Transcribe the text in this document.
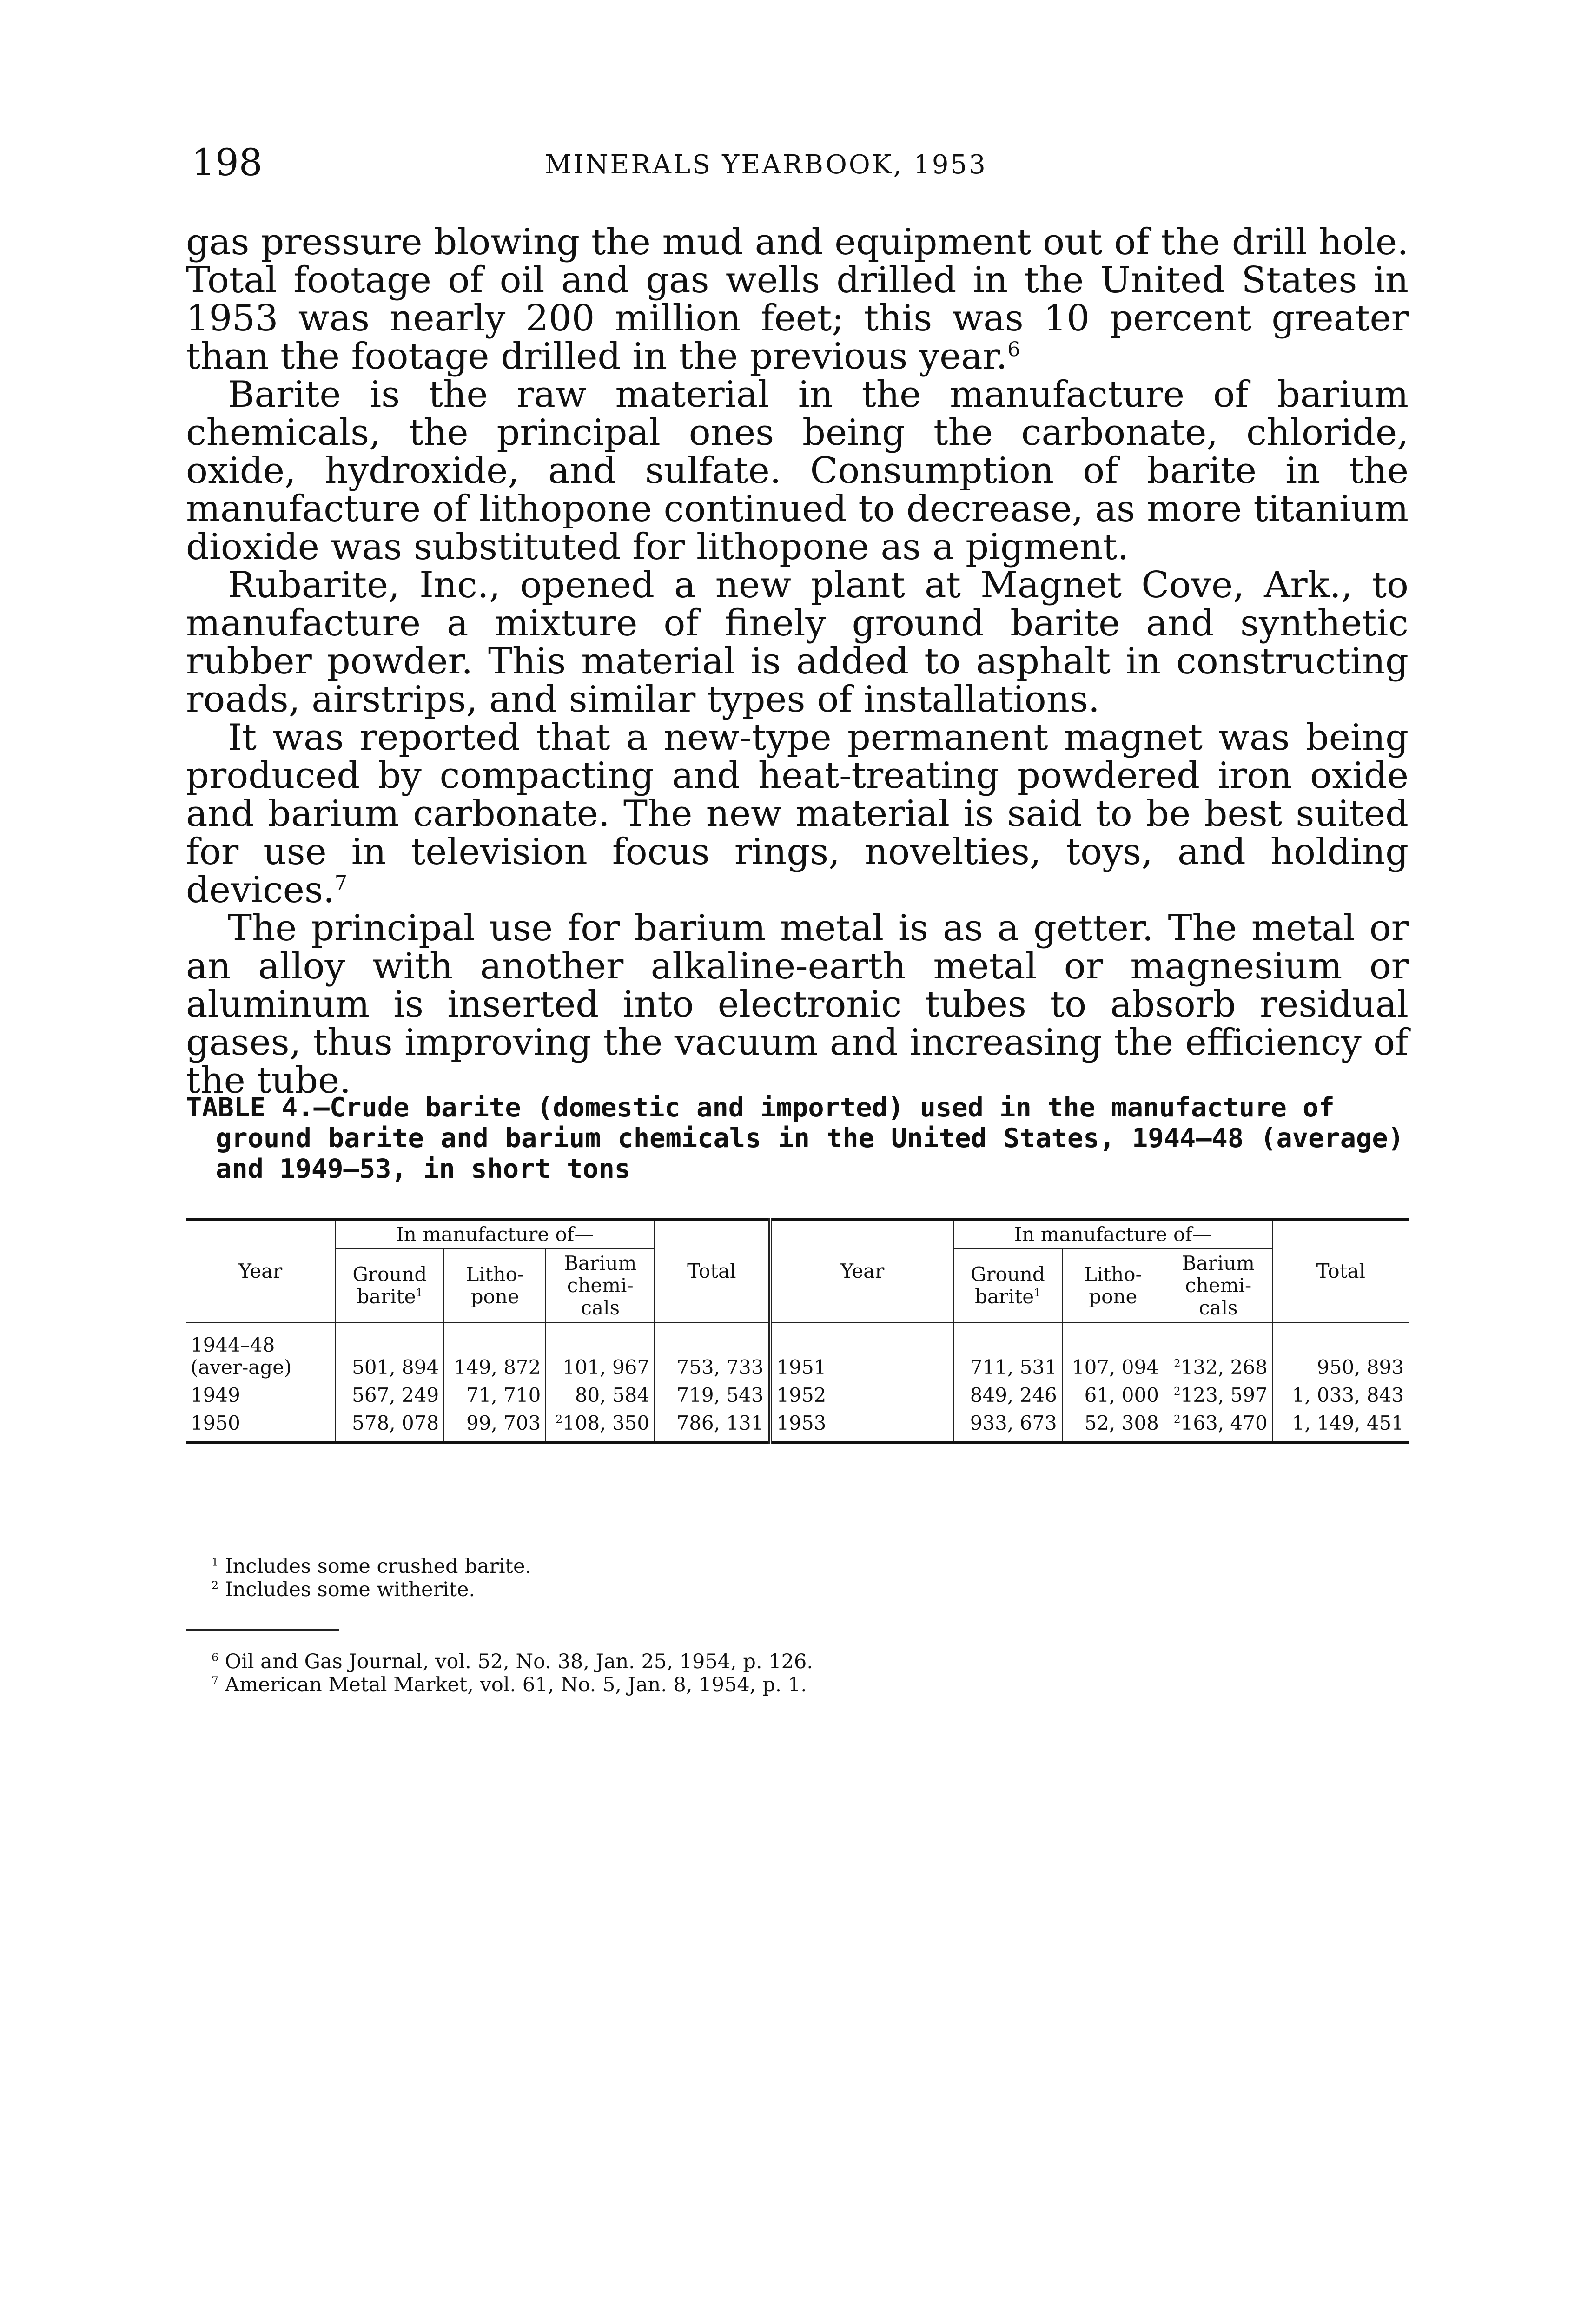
198	MINERALS YEARBOOK, 1953

gas pressure blowing the mud and equipment out of the drill hole. Total footage of oil and gas wells drilled in the United States in 1953 was nearly 200 million feet; this was 10 percent greater than the footage drilled in the previous year.$^6$

Barite is the raw material in the manufacture of barium chemicals, the principal ones being the carbonate, chloride, oxide, hydroxide, and sulfate. Consumption of barite in the manufacture of lithopone continued to decrease, as more titanium dioxide was substituted for lithopone as a pigment.

Rubarite, Inc., opened a new plant at Magnet Cove, Ark., to manufacture a mixture of finely ground barite and synthetic rubber powder. This material is added to asphalt in constructing roads, airstrips, and similar types of installations.

It was reported that a new-type permanent magnet was being produced by compacting and heat-treating powdered iron oxide and barium carbonate. The new material is said to be best suited for use in television focus rings, novelties, toys, and holding devices.$^7$

The principal use for barium metal is as a getter. The metal or an alloy with another alkaline-earth metal or magnesium or aluminum is inserted into electronic tubes to absorb residual gases, thus improving the vacuum and increasing the efficiency of the tube.

TABLE 4.—Crude barite (domestic and imported) used in the manufacture of
ground barite and barium chemicals in the United States, 1944–48 (average) and 1949–53, in short tons
Year	In manufacture of—			Total	Year	In manufacture of—			Total
	Ground barite$^1$	Litho-pone	Barium chemi-cals			Ground barite$^1$	Litho-pone	Barium chemi-cals	
1944–48 (aver-age)	501, 894	149, 872	101, 967	753, 733	1951	711, 531	107, 094	$^2$132, 268	950, 893
1949	567, 249	71, 710	80, 584	719, 543	1952	849, 246	61, 000	$^2$123, 597	1, 033, 843
1950	578, 078	99, 703	$^2$108, 350	786, 131	1953	933, 673	52, 308	$^2$163, 470	1, 149, 451
$^1$ Includes some crushed barite.
$^2$ Includes some witherite.
$^6$ Oil and Gas Journal, vol. 52, No. 38, Jan. 25, 1954, p. 126.
$^7$ American Metal Market, vol. 61, No. 5, Jan. 8, 1954, p. 1.
